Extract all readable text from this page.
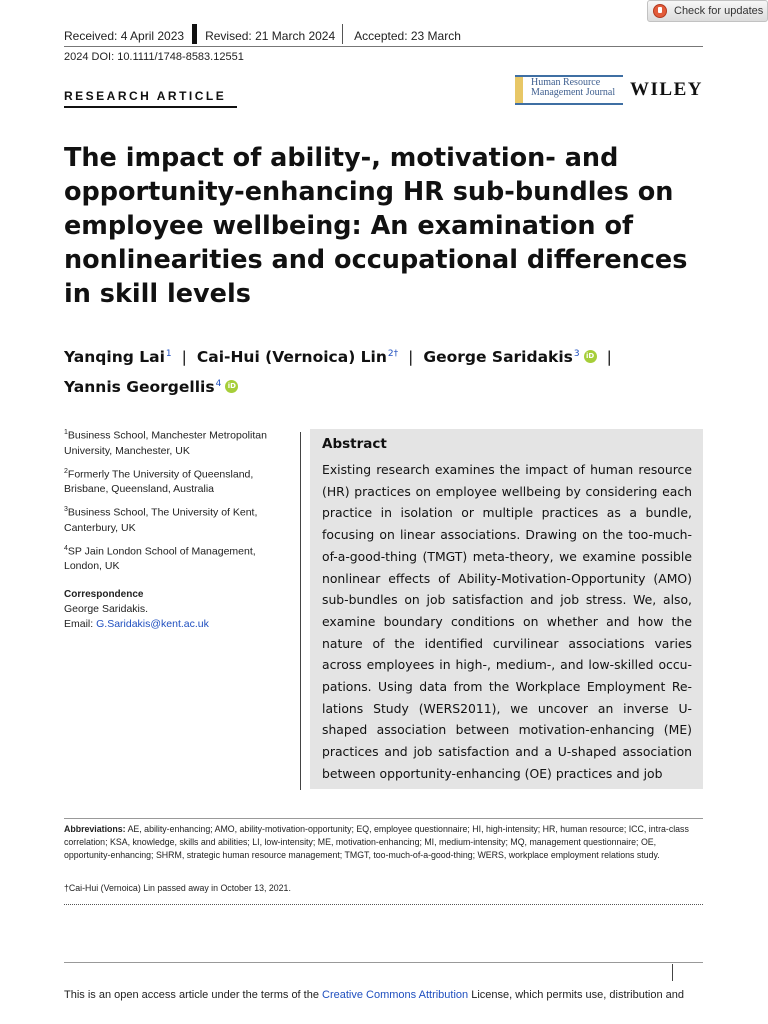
Check for updates
Received: 4 April 2023 Revised: 21 March 2024 Accepted: 23 March
2024 DOI: 10.1111/1748-8583.12551
RESEARCH ARTICLE
Human Resource
Management Journal WILEY
The impact of ability-, motivation- and opportunity-enhancing HR sub-bundles on employee wellbeing: An examination of nonlinearities and occupational differences in skill levels
Yanqing Lai$^1$ | Cai-Hui (Vernoica) Lin$^{2\dagger}$ | George Saridakis$^3$ iD |
Yannis Georgellis$^4$ iD
$^1$Business School, Manchester Metropolitan University, Manchester, UK
$^2$Formerly The University of Queensland, Brisbane, Queensland, Australia
$^3$Business School, The University of Kent, Canterbury, UK
$^4$SP Jain London School of Management, London, UK
Correspondence
George Saridakis.
Email: G.Saridakis@kent.ac.uk
Abstract

Existing research examines the impact of human resource (HR) practices on employee wellbeing by considering each practice in isolation or multiple practices as a bundle, focusing on linear associations. Drawing on the too-much-of-a-good-thing (TMGT) meta-theory, we examine possible nonlinear effects of Ability-Motivation-Opportunity (AMO) sub-bundles on job satisfaction and job stress. We, also, examine boundary conditions on whether and how the nature of the identified curvilinear associations varies across employees in high-, medium-, and low-skilled occu- pations. Using data from the Workplace Employment Re- lations Study (WERS2011), we uncover an inverse U- shaped association between motivation-enhancing (ME) practices and job satisfaction and a U-shaped association between opportunity-enhancing (OE) practices and job

Abbreviations: AE, ability-enhancing; AMO, ability-motivation-opportunity; EQ, employee questionnaire; HI, high-intensity; HR, human resource; ICC, intra-class correlation; KSA, knowledge, skills and abilities; LI, low-intensity; ME, motivation-enhancing; MI, medium-intensity; MQ, management questionnaire; OE, opportunity-enhancing; SHRM, strategic human resource management; TMGT, too-much-of-a-good-thing; WERS, workplace employment relations study.

†Cai-Hui (Vernoica) Lin passed away in October 13, 2021.
This is an open access article under the terms of the Creative Commons Attribution License, which permits use, distribution and
